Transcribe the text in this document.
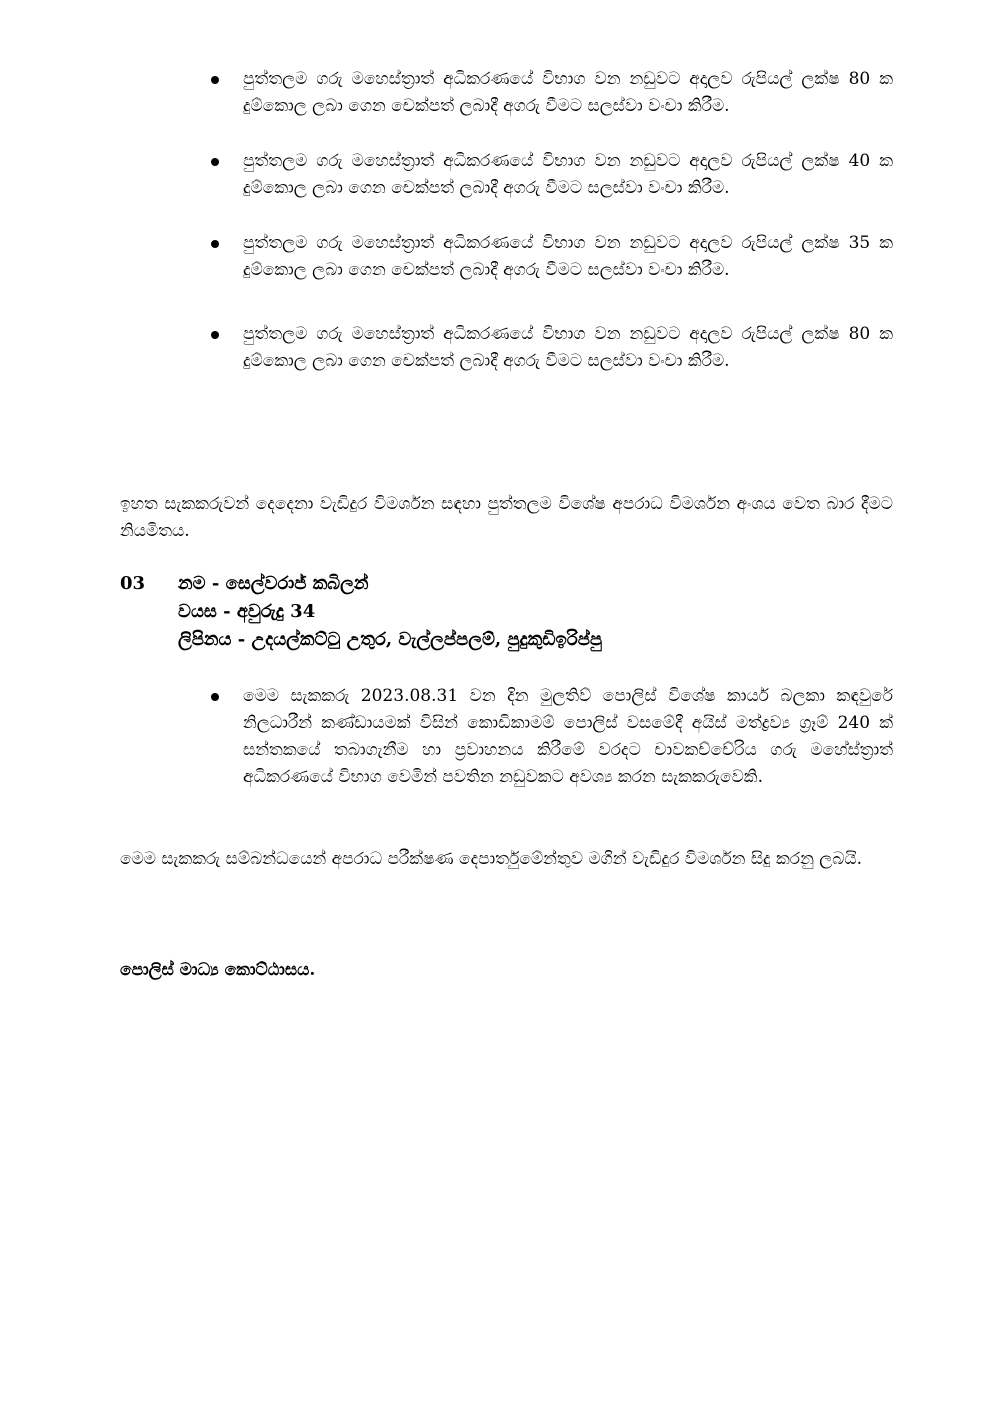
පුත්තලම ගරු මහෙස්ත්‍රාත් අධිකරණයේ විභාග වන නඩුවට අදාලව රුපියල් ලක්ෂ 80 ක දුම්කොල ලබා ගෙන චෙක්පත් ලබාදී අගරු වීමට සලස්වා වංචා කිරීම.
පුත්තලම ගරු මහෙස්ත්‍රාත් අධිකරණයේ විභාග වන නඩුවට අදාලව රුපියල් ලක්ෂ 40 ක දුම්කොල ලබා ගෙන චෙක්පත් ලබාදී අගරු වීමට සලස්වා වංචා කිරීම.
පුත්තලම ගරු මහෙස්ත්‍රාත් අධිකරණයේ විභාග වන නඩුවට අදාලව රුපියල් ලක්ෂ 35 ක දුම්කොල ලබා ගෙන චෙක්පත් ලබාදී අගරු වීමට සලස්වා වංචා කිරීම.
පුත්තලම ගරු මහෙස්ත්‍රාත් අධිකරණයේ විභාග වන නඩුවට අදාලව රුපියල් ලක්ෂ 80 ක දුම්කොල ලබා ගෙන චෙක්පත් ලබාදී අගරු වීමට සලස්වා වංචා කිරීම.

ඉහත සැකකරුවන් දෙදෙනා වැඩිදුර විමර්ශන සඳහා පුත්තලම විශේෂ අපරාධ විමර්ශන අංශය වෙත බාර දීමට නියමිතය.

03 නම - සෙල්වරාජ් කබිලන්
වයස - අවුරුදු 34
ලිපිනය - උදයල්කට්ටු උතුර, වැල්ලප්පලම්, පුදුකුඩිඉරිප්පු
මෙම සැකකරු 2023.08.31 වන දින මුලතිව් පොලිස් විශේෂ කාර්ය බලකා කඳවුරේ නිලධාරීන් කණ්ඩායමක් විසින් කොඩිකාමම් පොලිස් වසමේදී අයිස් මත්ද්‍රව්‍ය ග්‍රෑම් 240 ක් සන්තකයේ තබාගැනීම හා ප්‍රවාහනය කිරීමේ වරදට චාවකච්චේරිය ගරු මහේස්ත්‍රාත් අධිකරණයේ විභාග වෙමින් පවතින නඩුවකට අවශ්‍ය කරන සැකකරුවෙකි.

මෙම සැකකරු සම්බන්ධයෙන් අපරාධ පරීක්ෂණ දෙපාර්තුමේන්තුව මගින් වැඩිදුර විමර්ශන සිදු කරනු ලබයි.

පොලිස් මාධ්‍ය කොට්ඨාසය.
